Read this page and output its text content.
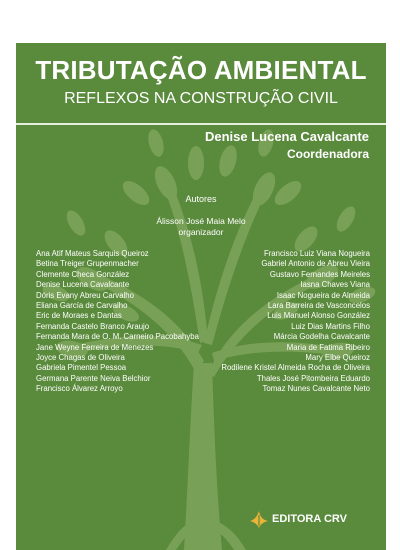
TRIBUTAÇÃO AMBIENTAL
REFLEXOS NA CONSTRUÇÃO CIVIL
Denise Lucena Cavalcante
Coordenadora
Autores
Álisson José Maia Melo
organizador
Ana Atif Mateus Sarquis Queiroz
Betina Treiger Grupenmacher
Clemente Checa González
Denise Lucena Cavalcante
Dóris Evany Abreu Carvalho
Eliana García de Carvalho
Eric de Moraes e Dantas
Fernanda Castelo Branco Araujo
Fernanda Mara de O. M. Carneiro Pacobahyba
Jane Weyne Ferreira de Menezes
Joyce Chagas de Oliveira
Gabriela Pimentel Pessoa
Germana Parente Neiva Belchior
Francisco Álvarez Arroyo
Francisco Luiz Viana Nogueira
Gabriel Antonio de Abreu Vieira
Gustavo Fernandes Meireles
Iasna Chaves Viana
Isaac Nogueira de Almeida
Lara Barreira de Vasconcelos
Luis Manuel Alonso González
Luiz Dias Martins Filho
Márcia Godelha Cavalcante
Maria de Fatima Ribeiro
Mary Elbe Queiroz
Rodilene Kristel Almeida Rocha de Oliveira
Thales José Pitombeira Eduardo
Tomaz Nunes Cavalcante Neto
EDITORA CRV
